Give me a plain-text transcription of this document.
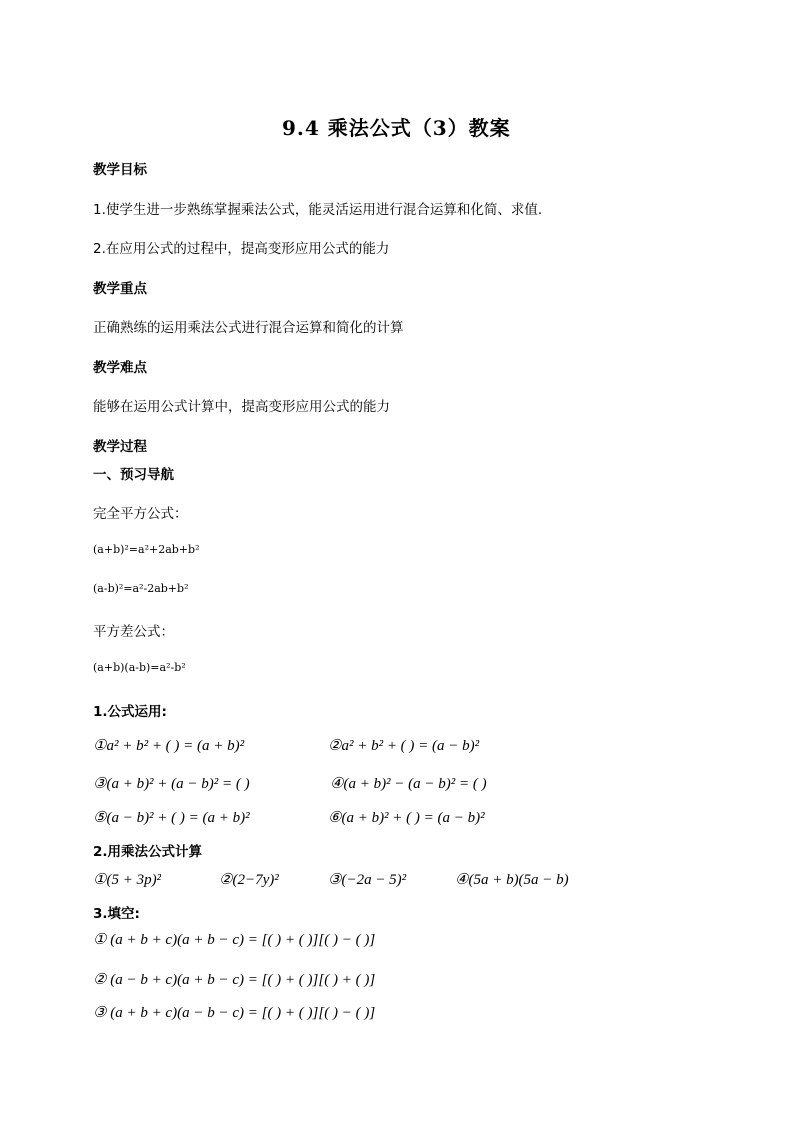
9.4 乘法公式（3）教案
教学目标
1.使学生进一步熟练掌握乘法公式，能灵活运用进行混合运算和化简、求值.
2.在应用公式的过程中，提高变形应用公式的能力
教学重点
正确熟练的运用乘法公式进行混合运算和简化的计算
教学难点
能够在运用公式计算中，提高变形应用公式的能力
教学过程
一、预习导航
完全平方公式：
(a+b)²=a²+2ab+b²
(a-b)²=a²-2ab+b²
平方差公式：
(a+b)(a-b)=a²-b²
1.公式运用:
①a² + b² + ( ) = (a + b)²	②a² + b² + ( ) = (a − b)²
③(a + b)² + (a − b)² = ( )	④(a + b)² − (a − b)² = ( )
⑤(a − b)² + ( ) = (a + b)²	⑥(a + b)² + ( ) = (a − b)²
2.用乘法公式计算
①(5 + 3p)²	②(2−7y)²	③(−2a − 5)²	④(5a + b)(5a − b)
3.填空:
① (a + b + c)(a + b − c) = [( ) + ( )][( ) − ( )]
② (a − b + c)(a + b − c) = [( ) + ( )][( ) + ( )]
③ (a + b + c)(a − b − c) = [( ) + ( )][( ) − ( )]
